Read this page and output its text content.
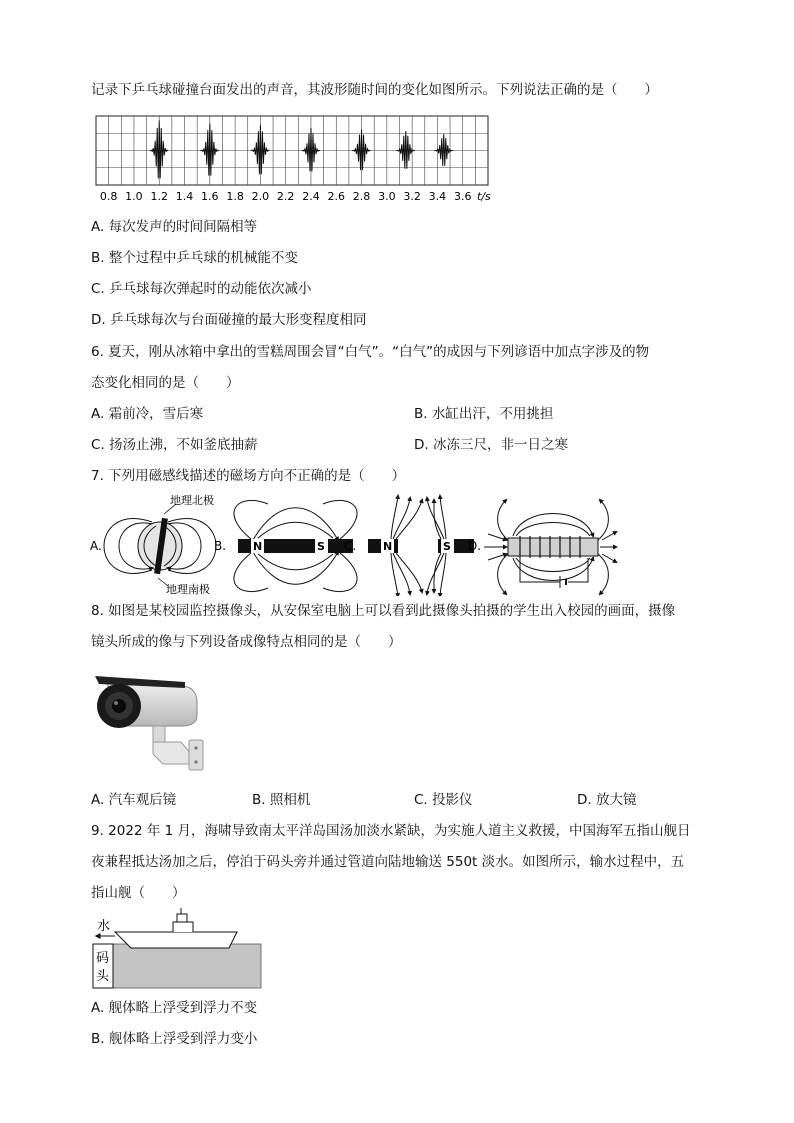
记录下乒乓球碰撞台面发出的声音，其波形随时间的变化如图所示。下列说法正确的是（　　）
0.8 1.0 1.2 1.4 1.6 1.8 2.0 2.2 2.4 2.6 2.8 3.0 3.2 3.4 3.6 t/s
A. 每次发声的时间间隔相等
B. 整个过程中乒乓球的机械能不变
C. 乒乓球每次弹起时的动能依次减小
D. 乒乓球每次与台面碰撞的最大形变程度相同
6. 夏天，刚从冰箱中拿出的雪糕周围会冒“白气”。“白气”的成因与下列谚语中加点字涉及的物
态变化相同的是（　　）
A. 霜前冷，雪后寒	B. 水缸出汗，不用挑担
C. 扬汤止沸，不如釜底抽薪	D. 冰冻三尺，非一日之寒
7. 下列用磁感线描述的磁场方向不正确的是（　　）
A.
S
N
地理北极
地理南极
B. N	S C. N	S D.
8. 如图是某校园监控摄像头，从安保室电脑上可以看到此摄像头拍摄的学生出入校园的画面，摄像
镜头所成的像与下列设备成像特点相同的是（　　）
A. 汽车观后镜	B. 照相机	C. 投影仪	D. 放大镜
9. 2022 年 1 月，海啸导致南太平洋岛国汤加淡水紧缺，为实施人道主义救援，中国海军五指山舰日
夜兼程抵达汤加之后，停泊于码头旁并通过管道向陆地输送 550t 淡水。如图所示，输水过程中，五
指山舰（　　）
水
码
头
A. 舰体略上浮受到浮力不变
B. 舰体略上浮受到浮力变小
